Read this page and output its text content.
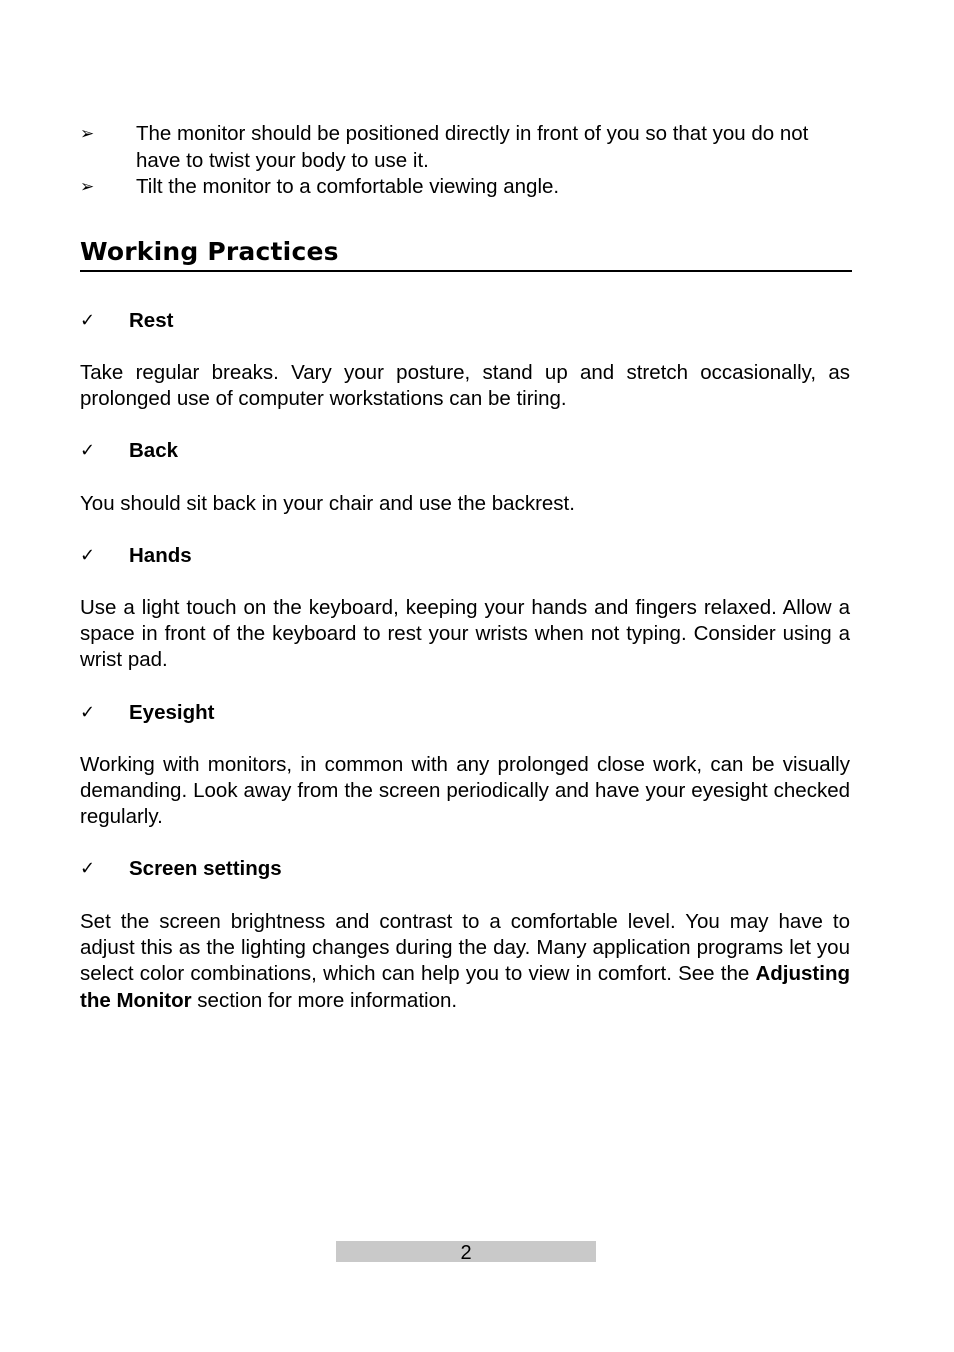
➢ The monitor should be positioned directly in front of you so that you do not have to twist your body to use it.
➢ Tilt the monitor to a comfortable viewing angle.
Working Practices
✓ Rest
Take regular breaks. Vary your posture, stand up and stretch occasionally, as prolonged use of computer workstations can be tiring.
✓ Back
You should sit back in your chair and use the backrest.
✓ Hands
Use a light touch on the keyboard, keeping your hands and fingers relaxed. Allow a space in front of the keyboard to rest your wrists when not typing. Consider using a wrist pad.
✓ Eyesight
Working with monitors, in common with any prolonged close work, can be visually demanding. Look away from the screen periodically and have your eyesight checked regularly.
✓ Screen settings
Set the screen brightness and contrast to a comfortable level. You may have to adjust this as the lighting changes during the day. Many application programs let you select color combinations, which can help you to view in comfort. See the Adjusting the Monitor section for more information.
2
